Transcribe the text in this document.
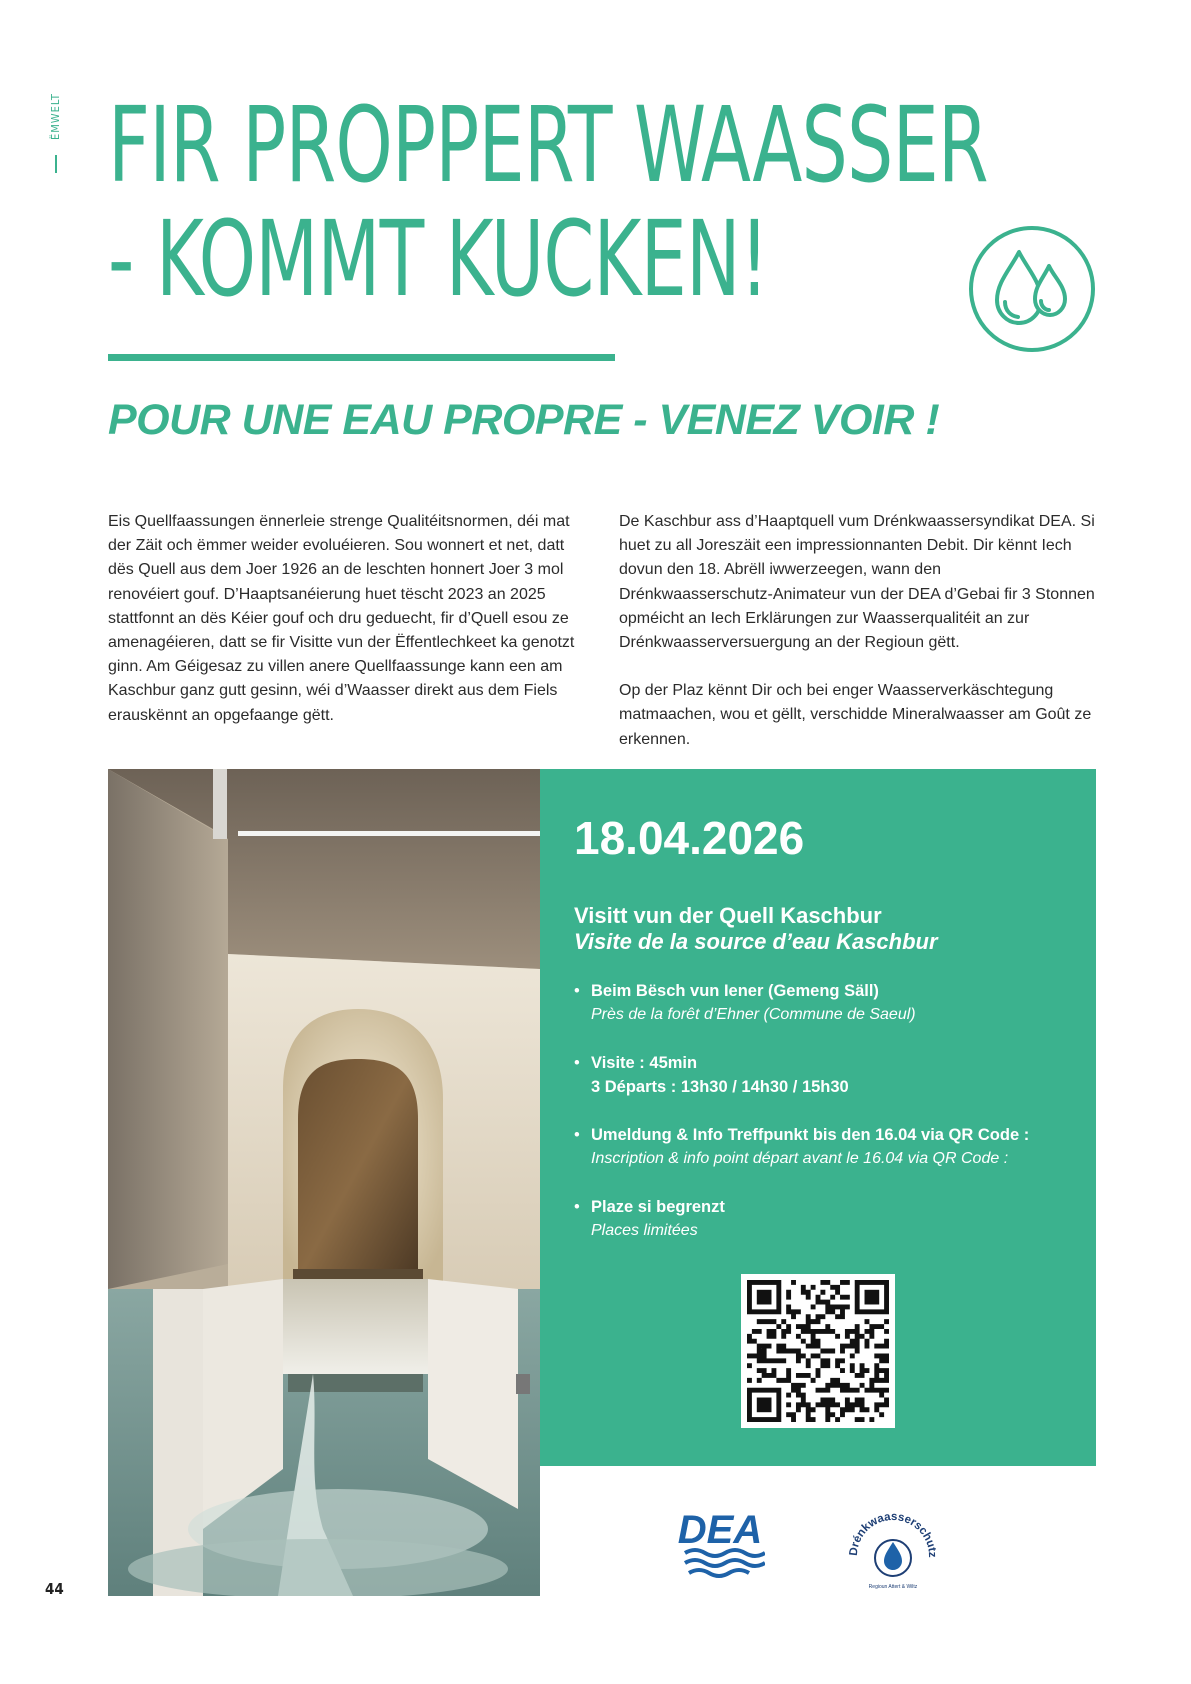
ËMWELT FIR PROPPERT WAASSER
- KOMMT KUCKEN!
POUR UNE EAU PROPRE - VENEZ VOIR !

Eis Quellfaassungen ënnerleie strenge Qualitéitsnormen, déi mat der Zäit och ëmmer weider evoluéieren. Sou wonnert et net, datt dës Quell aus dem Joer 1926 an de leschten honnert Joer 3 mol renovéiert gouf. D’Haaptsanéierung huet tëscht 2023 an 2025 stattfonnt an dës Kéier gouf och dru geduecht, fir d’Quell esou ze amenagéieren, datt se fir Visitte vun der Ëffentlechkeet ka genotzt ginn. Am Géigesaz zu villen anere Quellfaassunge kann een am Kaschbur ganz gutt gesinn, wéi d’Waasser direkt aus dem Fiels erauskënnt an opgefaange gëtt.

De Kaschbur ass d’Haaptquell vum Drénkwaassersyndikat DEA. Si huet zu all Joreszäit een impressionnanten Debit. Dir kënnt Iech dovun den 18. Abrëll iwwerzeegen, wann den Drénkwaasserschutz-Animateur vun der DEA d’Gebai fir 3 Stonnen opméicht an Iech Erklärungen zur Waasserqualitéit an zur Drénkwaasserversuergung an der Regioun gëtt.

Op der Plaz kënnt Dir och bei enger Waasserverkäschtegung matmaachen, wou et gëllt, verschidde Mineralwaasser am Goût ze erkennen.

18.04.2026
Visitt vun der Quell Kaschbur
Visite de la source d’eau Kaschbur
• Beim Bësch vun Iener (Gemeng Säll)
Près de la forêt d’Ehner (Commune de Saeul)
• Visite : 45min
3 Départs : 13h30 / 14h30 / 15h30
• Umeldung & Info Treffpunkt bis den 16.04 via QR Code :
Inscription & info point départ avant le 16.04 via QR Code :
• Plaze si begrenzt
Places limitées
DEA	Drénkwaasserschutz
Regioun Attert & Wiltz
44
